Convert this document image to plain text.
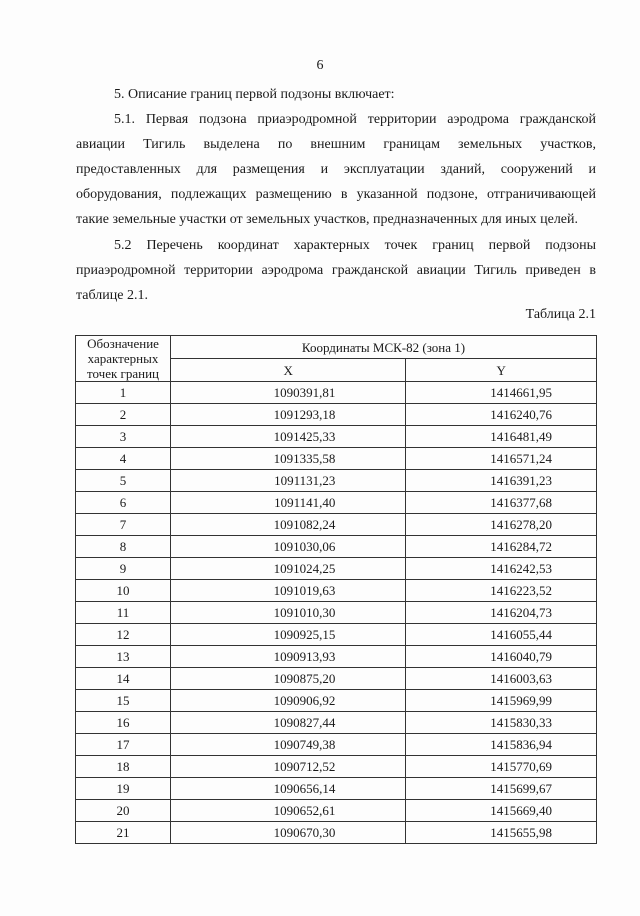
6

5. Описание границ первой подзоны включает:

5.1. Первая подзона приаэродромной территории аэродрома гражданской авиации Тигиль выделена по внешним границам земельных участков, предоставленных для размещения и эксплуатации зданий, сооружений и оборудования, подлежащих размещению в указанной подзоне, отграничивающей такие земельные участки от земельных участков, предназначенных для иных целей.

5.2 Перечень координат характерных точек границ первой подзоны приаэродромной территории аэродрома гражданской авиации Тигиль приведен в таблице 2.1.

Таблица 2.1
Обозначение характерных точек границ	Координаты МСК-82 (зона 1)	
	X	Y
1	1090391,81	1414661,95
2	1091293,18	1416240,76
3	1091425,33	1416481,49
4	1091335,58	1416571,24
5	1091131,23	1416391,23
6	1091141,40	1416377,68
7	1091082,24	1416278,20
8	1091030,06	1416284,72
9	1091024,25	1416242,53
10	1091019,63	1416223,52
11	1091010,30	1416204,73
12	1090925,15	1416055,44
13	1090913,93	1416040,79
14	1090875,20	1416003,63
15	1090906,92	1415969,99
16	1090827,44	1415830,33
17	1090749,38	1415836,94
18	1090712,52	1415770,69
19	1090656,14	1415699,67
20	1090652,61	1415669,40
21	1090670,30	1415655,98
